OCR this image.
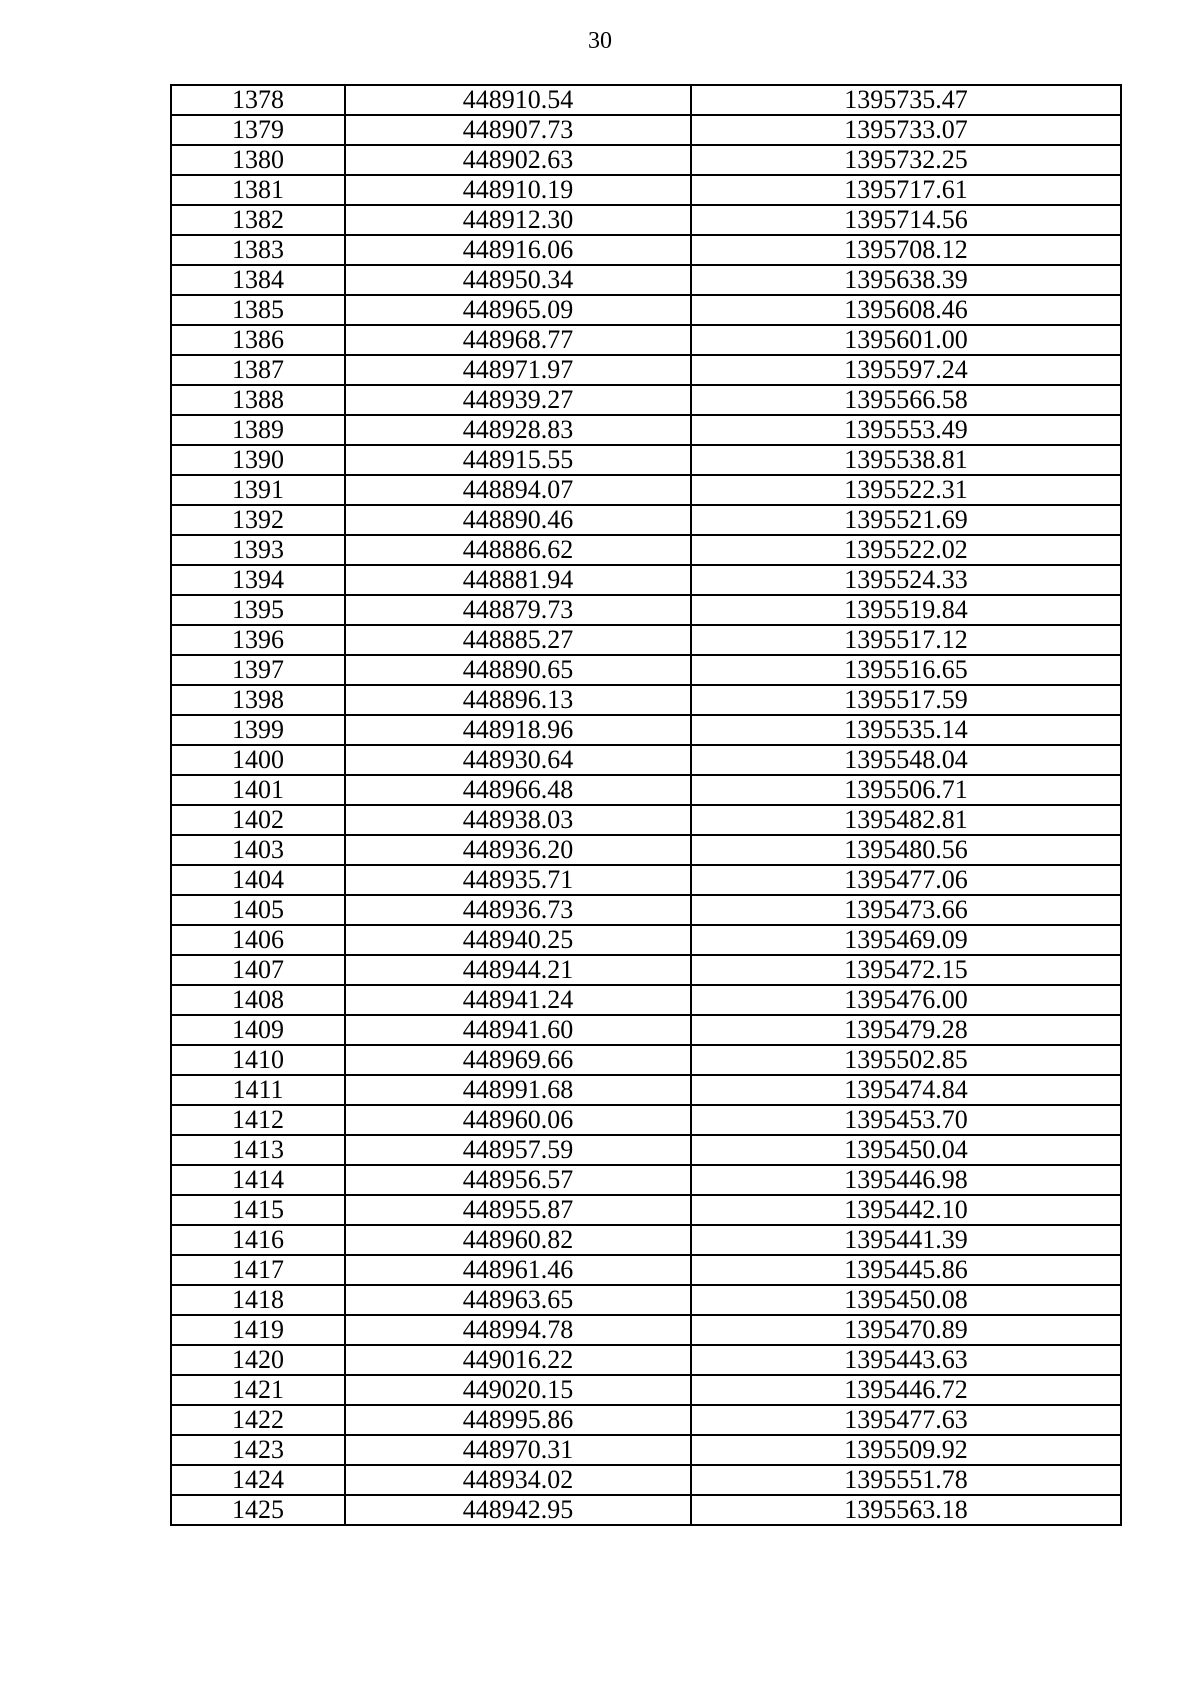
30
1378	448910.54	1395735.47
1379	448907.73	1395733.07
1380	448902.63	1395732.25
1381	448910.19	1395717.61
1382	448912.30	1395714.56
1383	448916.06	1395708.12
1384	448950.34	1395638.39
1385	448965.09	1395608.46
1386	448968.77	1395601.00
1387	448971.97	1395597.24
1388	448939.27	1395566.58
1389	448928.83	1395553.49
1390	448915.55	1395538.81
1391	448894.07	1395522.31
1392	448890.46	1395521.69
1393	448886.62	1395522.02
1394	448881.94	1395524.33
1395	448879.73	1395519.84
1396	448885.27	1395517.12
1397	448890.65	1395516.65
1398	448896.13	1395517.59
1399	448918.96	1395535.14
1400	448930.64	1395548.04
1401	448966.48	1395506.71
1402	448938.03	1395482.81
1403	448936.20	1395480.56
1404	448935.71	1395477.06
1405	448936.73	1395473.66
1406	448940.25	1395469.09
1407	448944.21	1395472.15
1408	448941.24	1395476.00
1409	448941.60	1395479.28
1410	448969.66	1395502.85
1411	448991.68	1395474.84
1412	448960.06	1395453.70
1413	448957.59	1395450.04
1414	448956.57	1395446.98
1415	448955.87	1395442.10
1416	448960.82	1395441.39
1417	448961.46	1395445.86
1418	448963.65	1395450.08
1419	448994.78	1395470.89
1420	449016.22	1395443.63
1421	449020.15	1395446.72
1422	448995.86	1395477.63
1423	448970.31	1395509.92
1424	448934.02	1395551.78
1425	448942.95	1395563.18
